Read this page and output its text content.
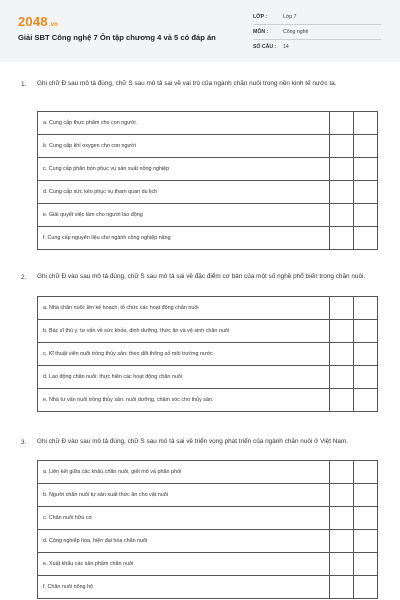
2048.vn
Giải SBT Công nghệ 7 Ôn tập chương 4 và 5 có đáp án
LỚP :	Lớp 7
MÔN :	Công nghệ
SỐ CÂU : 14
1. Ghi chữ Đ sau mô tả đúng, chữ S sau mô tả sai về vai trò của ngành chăn nuôi trong nền kinh tế nước ta.
a. Cung cấp thực phẩm cho con người.		
b. Cung cấp khí oxygen cho con người		
c. Cung cấp phân bón phục vụ sản xuất nông nghiệp		
d. Cung cấp sức kéo phục vụ tham quan du lịch		
e. Giải quyết việc làm cho người lao động		
f. Cung cấp nguyên liệu cho ngành công nghiệp nặng		
2. Ghi chữ Đ vào sau mô tả đúng, chữ S sau mô tả sai về đặc điểm cơ bản của một số nghề phổ biến trong chăn nuôi.
a. Nhà chăn nuôi: lên kế hoạch, tổ chức các hoạt động chăn nuôi		
b. Bác sĩ thú y: tư vấn về sức khỏe, dinh dưỡng, thức ăn và vệ sinh chăn nuôi		
c. Kĩ thuật viên nuôi trồng thủy sản: theo dõi thông số môi trường nước		
d. Lao động chăn nuôi: thực hiện các hoạt động chăn nuôi		
e. Nhà tư vấn nuôi trồng thủy sản: nuôi dưỡng, chăm sóc cho thủy sản.		
3. Ghi chữ Đ vào sau mô tả đúng, chữ S sau mô tả sai về triển vọng phát triển của ngành chăn nuôi ở Việt Nam.
a. Liên kết giữa các khâu chăn nuôi, giết mổ và phân phối		
b. Người chăn nuôi tự sản xuất thức ăn cho vật nuôi		
c. Chăn nuôi hữu cơ		
d. Công nghiệp hóa, hiện đại hóa chăn nuôi		
e. Xuất khẩu các sản phẩm chăn nuôi		
f. Chăn nuôi nông hộ		
